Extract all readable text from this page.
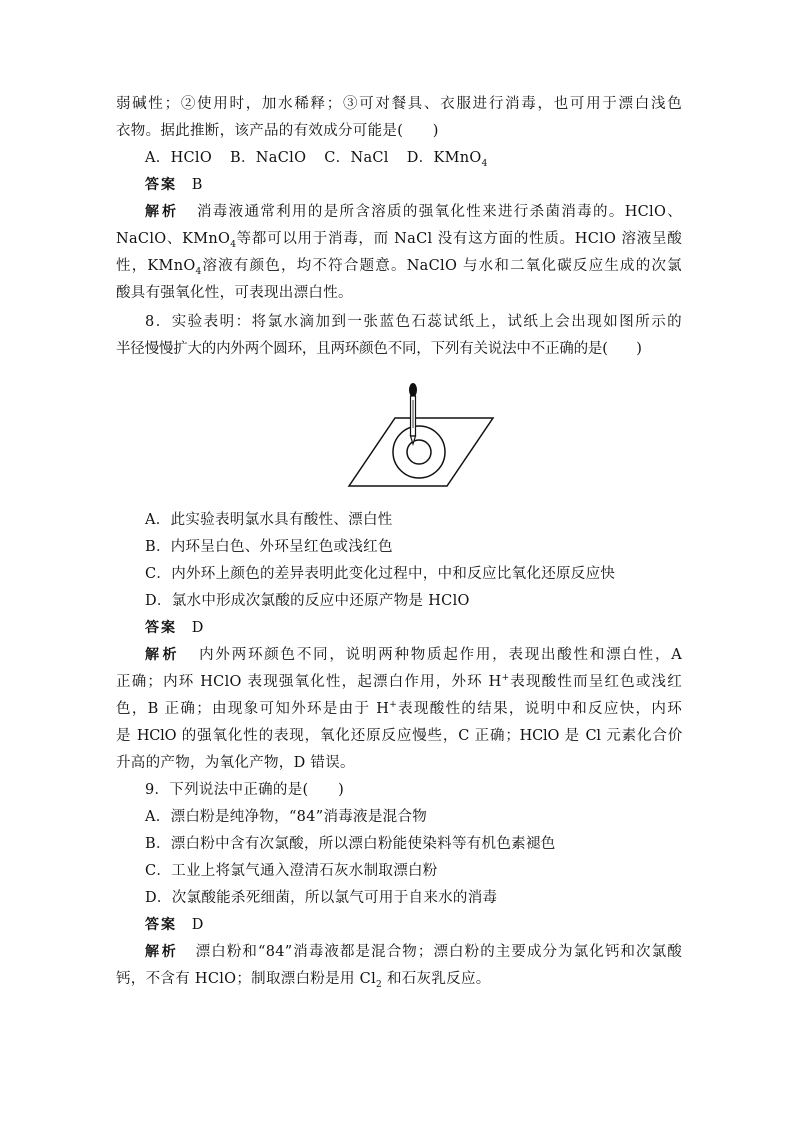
弱碱性；②使用时，加水稀释；③可对餐具、衣服进行消毒，也可用于漂白浅色
衣物。据此推断，该产品的有效成分可能是(　　)
A．HClO B．NaClO C．NaCl D．KMnO$_4$
答案 B
解析 消毒液通常利用的是所含溶质的强氧化性来进行杀菌消毒的。HClO、
NaClO、KMnO$_4$等都可以用于消毒，而 NaCl 没有这方面的性质。HClO 溶液呈酸
性，KMnO$_4$溶液有颜色，均不符合题意。NaClO 与水和二氧化碳反应生成的次氯
酸具有强氧化性，可表现出漂白性。
8．实验表明：将氯水滴加到一张蓝色石蕊试纸上，试纸上会出现如图所示的
半径慢慢扩大的内外两个圆环，且两环颜色不同，下列有关说法中不正确的是(　　)
A．此实验表明氯水具有酸性、漂白性
B．内环呈白色、外环呈红色或浅红色
C．内外环上颜色的差异表明此变化过程中，中和反应比氧化还原反应快
D．氯水中形成次氯酸的反应中还原产物是 HClO
答案 D
解析 内外两环颜色不同，说明两种物质起作用，表现出酸性和漂白性，A
正确；内环 HClO 表现强氧化性，起漂白作用，外环 H+表现酸性而呈红色或浅红
色，B 正确；由现象可知外环是由于 H+表现酸性的结果，说明中和反应快，内环
是 HClO 的强氧化性的表现，氧化还原反应慢些，C 正确；HClO 是 Cl 元素化合价
升高的产物，为氧化产物，D 错误。
9．下列说法中正确的是(　　)
A．漂白粉是纯净物，“84”消毒液是混合物
B．漂白粉中含有次氯酸，所以漂白粉能使染料等有机色素褪色
C．工业上将氯气通入澄清石灰水制取漂白粉
D．次氯酸能杀死细菌，所以氯气可用于自来水的消毒
答案 D
解析 漂白粉和“84”消毒液都是混合物；漂白粉的主要成分为氯化钙和次氯酸
钙，不含有 HClO；制取漂白粉是用 $Cl_2$ 和石灰乳反应。
